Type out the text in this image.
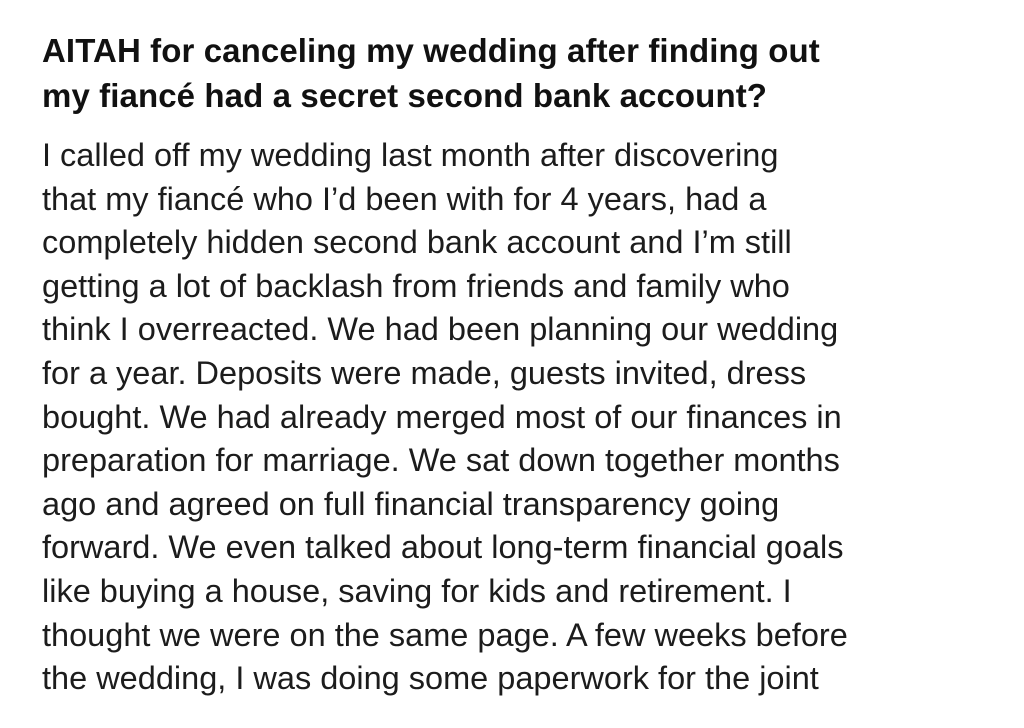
AITAH for canceling my wedding after finding out
my fiancé had a secret second bank account?
I called off my wedding last month after discovering
that my fiancé who I’d been with for 4 years, had a
completely hidden second bank account and I’m still
getting a lot of backlash from friends and family who
think I overreacted. We had been planning our wedding
for a year. Deposits were made, guests invited, dress
bought. We had already merged most of our finances in
preparation for marriage. We sat down together months
ago and agreed on full financial transparency going
forward. We even talked about long-term financial goals
like buying a house, saving for kids and retirement. I
thought we were on the same page. A few weeks before
the wedding, I was doing some paperwork for the joint
